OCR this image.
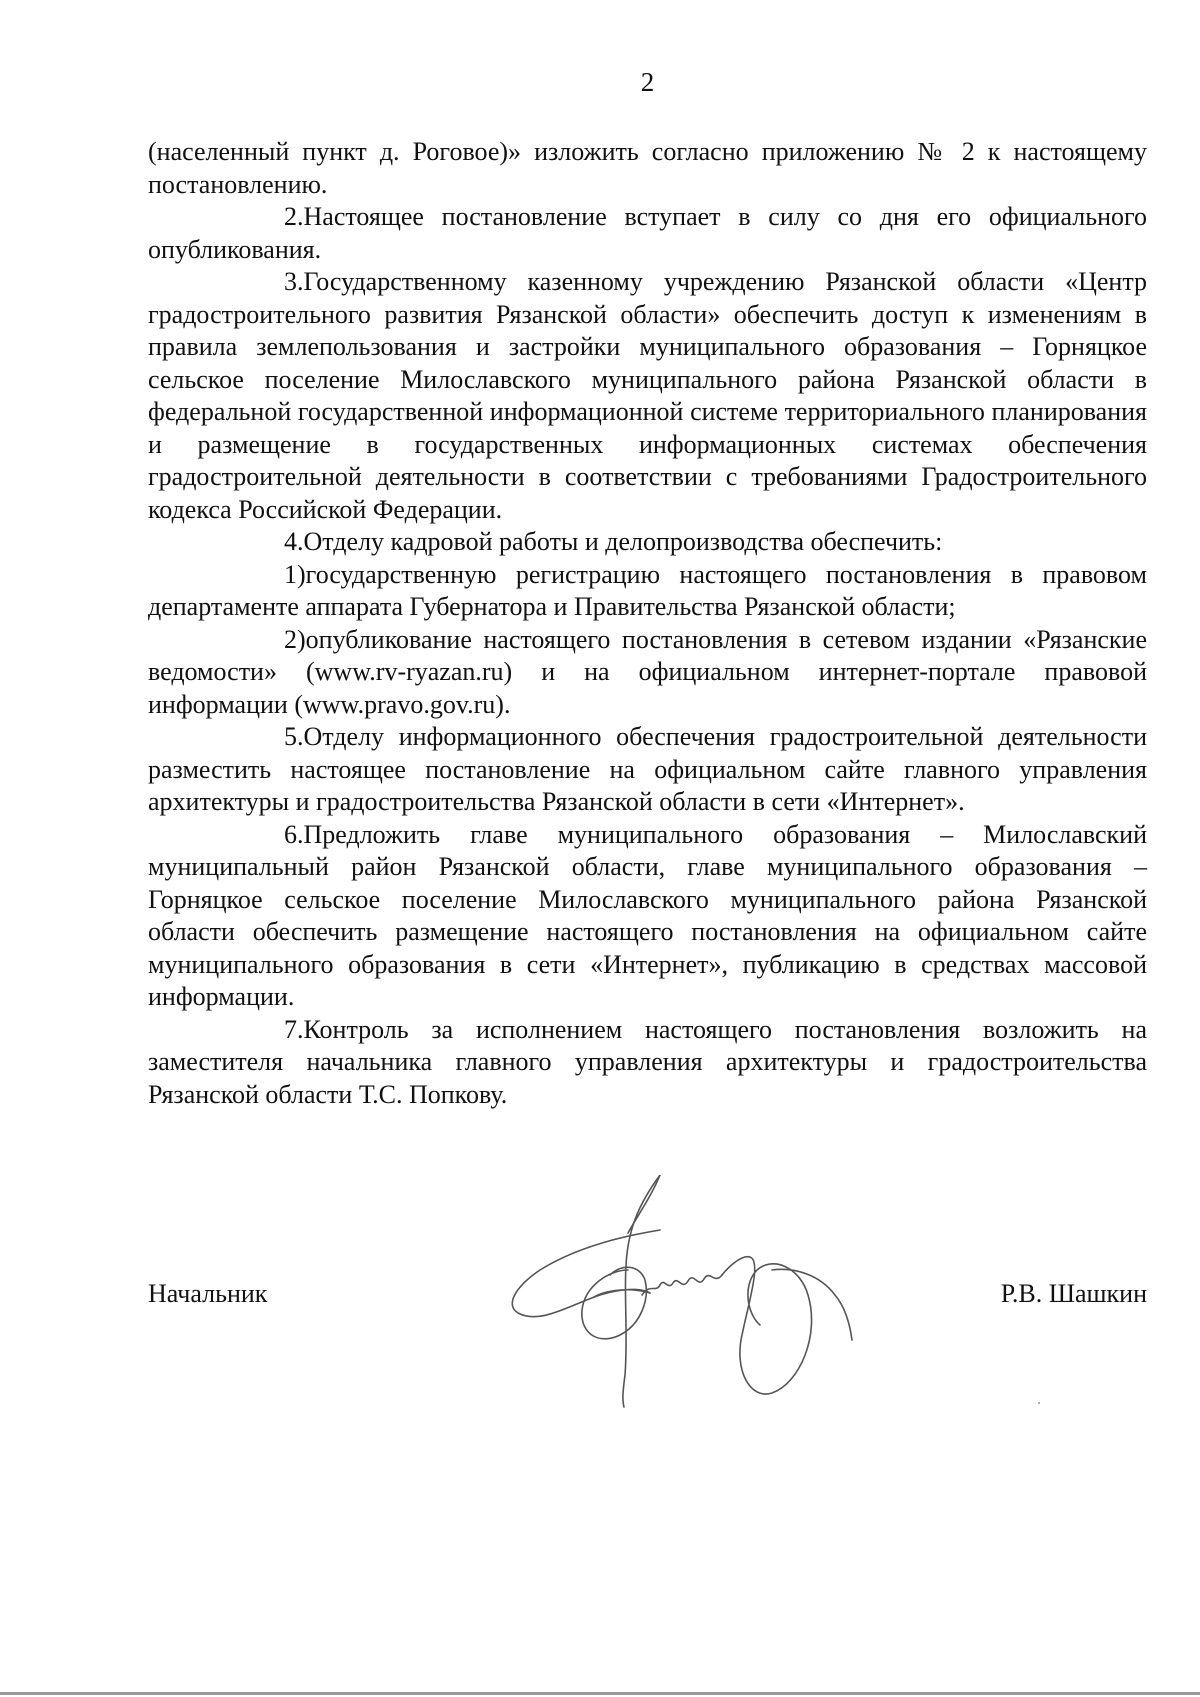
2

(населенный пункт д. Роговое)» изложить согласно приложению № 2 к настоящему постановлению.

2.Настоящее постановление вступает в силу со дня его официального опубликования.

3.Государственному казенному учреждению Рязанской области «Центр градостроительного развития Рязанской области» обеспечить доступ к изменениям в правила землепользования и застройки муниципального образования – Горняцкое сельское поселение Милославского муниципального района Рязанской области в федеральной государственной информационной системе территориального планирования и размещение в государственных информационных системах обеспечения градостроительной деятельности в соответствии с требованиями Градостроительного кодекса Российской Федерации.

4.Отделу кадровой работы и делопроизводства обеспечить:

1)государственную регистрацию настоящего постановления в правовом департаменте аппарата Губернатора и Правительства Рязанской области;

2)опубликование настоящего постановления в сетевом издании «Рязанские ведомости» (www.rv-ryazan.ru) и на официальном интернет-портале правовой информации (www.pravo.gov.ru).

5.Отделу информационного обеспечения градостроительной деятельности разместить настоящее постановление на официальном сайте главного управления архитектуры и градостроительства Рязанской области в сети «Интернет».

6.Предложить главе муниципального образования – Милославский муниципальный район Рязанской области, главе муниципального образования – Горняцкое сельское поселение Милославского муниципального района Рязанской области обеспечить размещение настоящего постановления на официальном сайте муниципального образования в сети «Интернет», публикацию в средствах массовой информации.

7.Контроль за исполнением настоящего постановления возложить на заместителя начальника главного управления архитектуры и градостроительства Рязанской области Т.С. Попкову.

Начальник	Р.В. Шашкин
